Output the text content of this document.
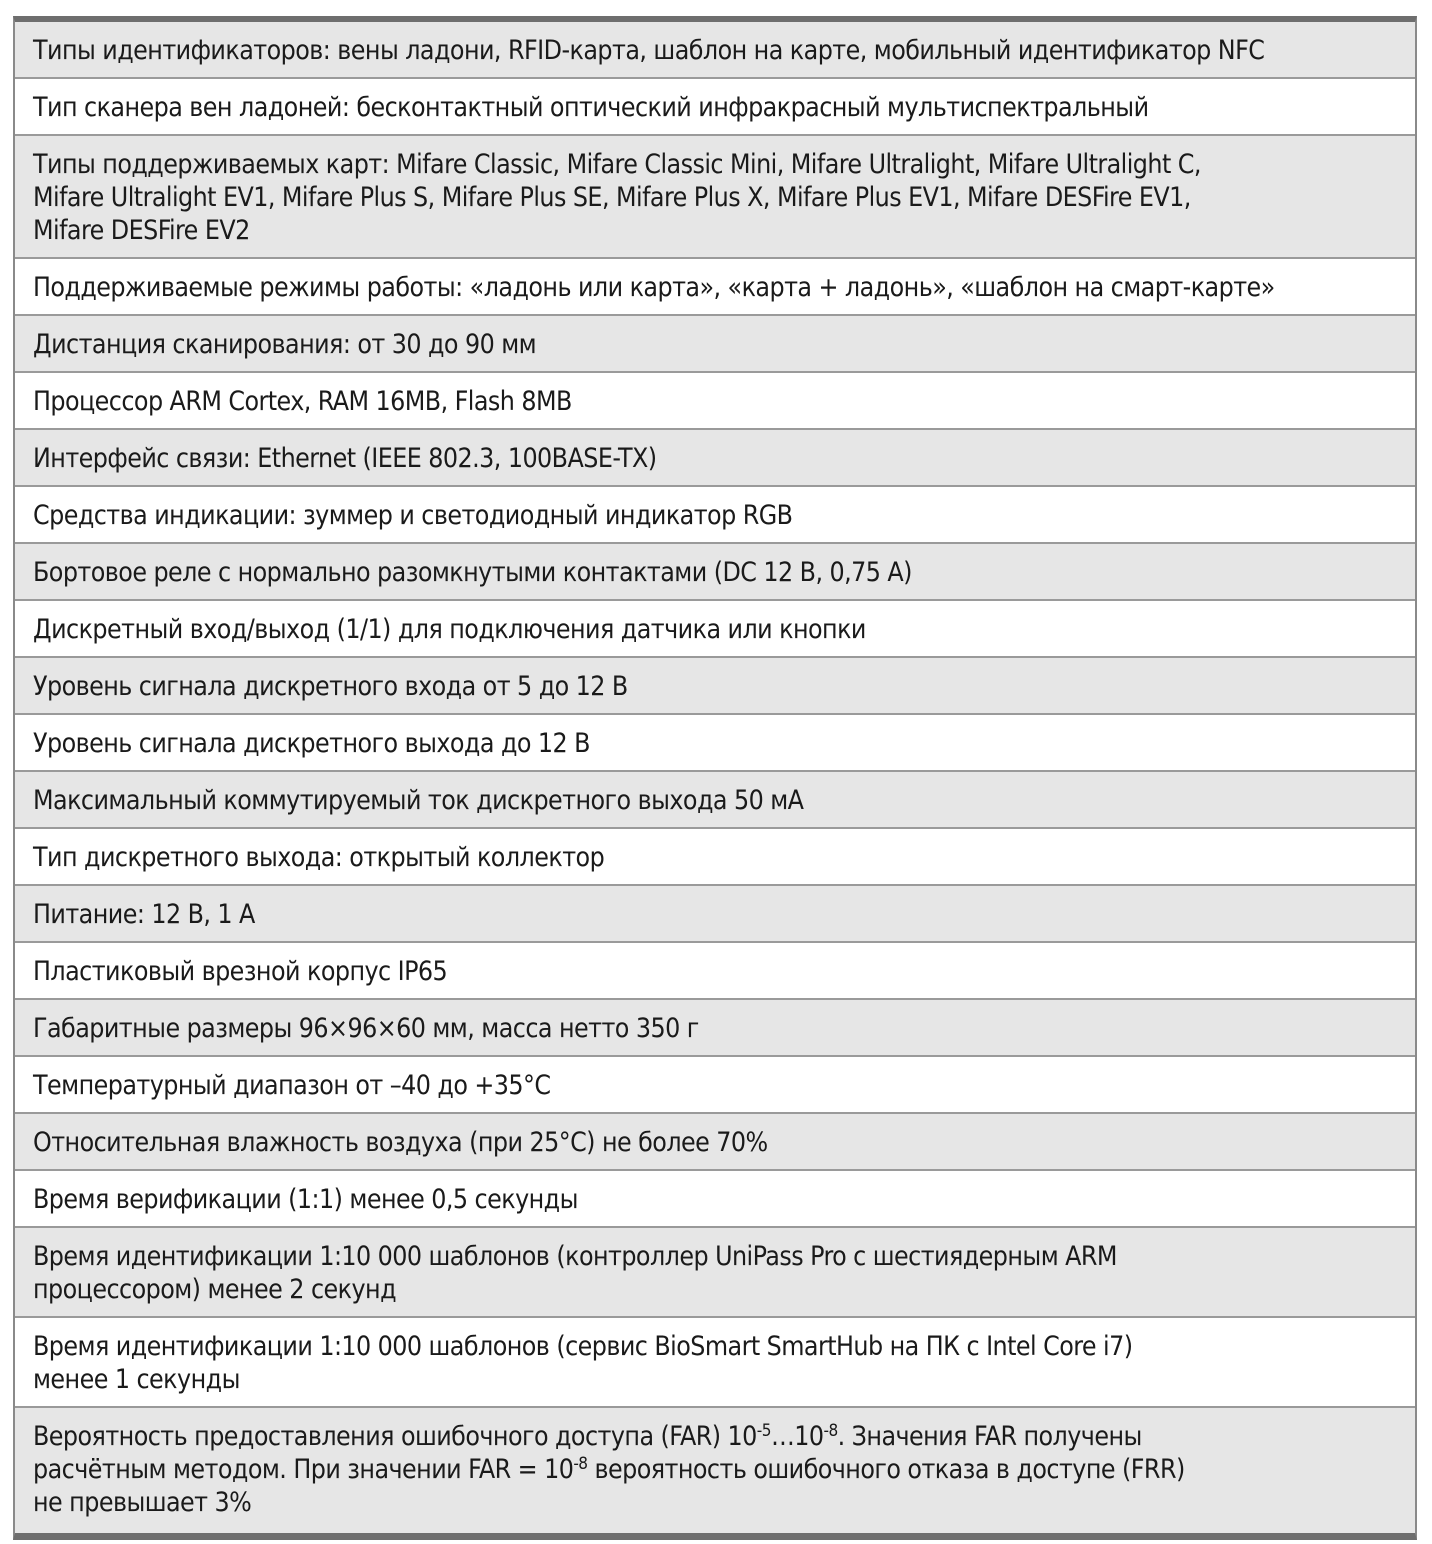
Типы идентификаторов: вены ладони, RFID-карта, шаблон на карте, мобильный идентификатор NFC
Тип сканера вен ладоней: бесконтактный оптический инфракрасный мультиспектральный
Типы поддерживаемых карт: Mifare Classic, Mifare Classic Mini, Mifare Ultralight, Mifare Ultralight C,
Mifare Ultralight EV1, Mifare Plus S, Mifare Plus SE, Mifare Plus X, Mifare Plus EV1, Mifare DESFire EV1,
Mifare DESFire EV2
Поддерживаемые режимы работы: «ладонь или карта», «карта + ладонь», «шаблон на смарт-карте»
Дистанция сканирования: от 30 до 90 мм
Процессор ARM Cortex, RAM 16MB, Flash 8MB
Интерфейс связи: Ethernet (IEEE 802.3, 100BASE-TX)
Средства индикации: зуммер и светодиодный индикатор RGB
Бортовое реле с нормально разомкнутыми контактами (DC 12 В, 0,75 А)
Дискретный вход/выход (1/1) для подключения датчика или кнопки
Уровень сигнала дискретного входа от 5 до 12 В
Уровень сигнала дискретного выхода до 12 В
Максимальный коммутируемый ток дискретного выхода 50 мА
Тип дискретного выхода: открытый коллектор
Питание: 12 В, 1 А
Пластиковый врезной корпус IP65
Габаритные размеры 96×96×60 мм, масса нетто 350 г
Температурный диапазон от –40 до +35°С
Относительная влажность воздуха (при 25°С) не более 70%
Время верификации (1:1) менее 0,5 секунды
Время идентификации 1:10 000 шаблонов (контроллер UniPass Pro с шестиядерным ARM
процессором) менее 2 секунд
Время идентификации 1:10 000 шаблонов (сервис BioSmart SmartHub на ПК с Intel Core i7)
менее 1 секунды
Вероятность предоставления ошибочного доступа (FAR) $10^{-5}\dots 10^{-8}$. Значения FAR получены
расчётным методом. При значении FAR = $10^{-8}$ вероятность ошибочного отказа в доступе (FRR)
не превышает 3%
